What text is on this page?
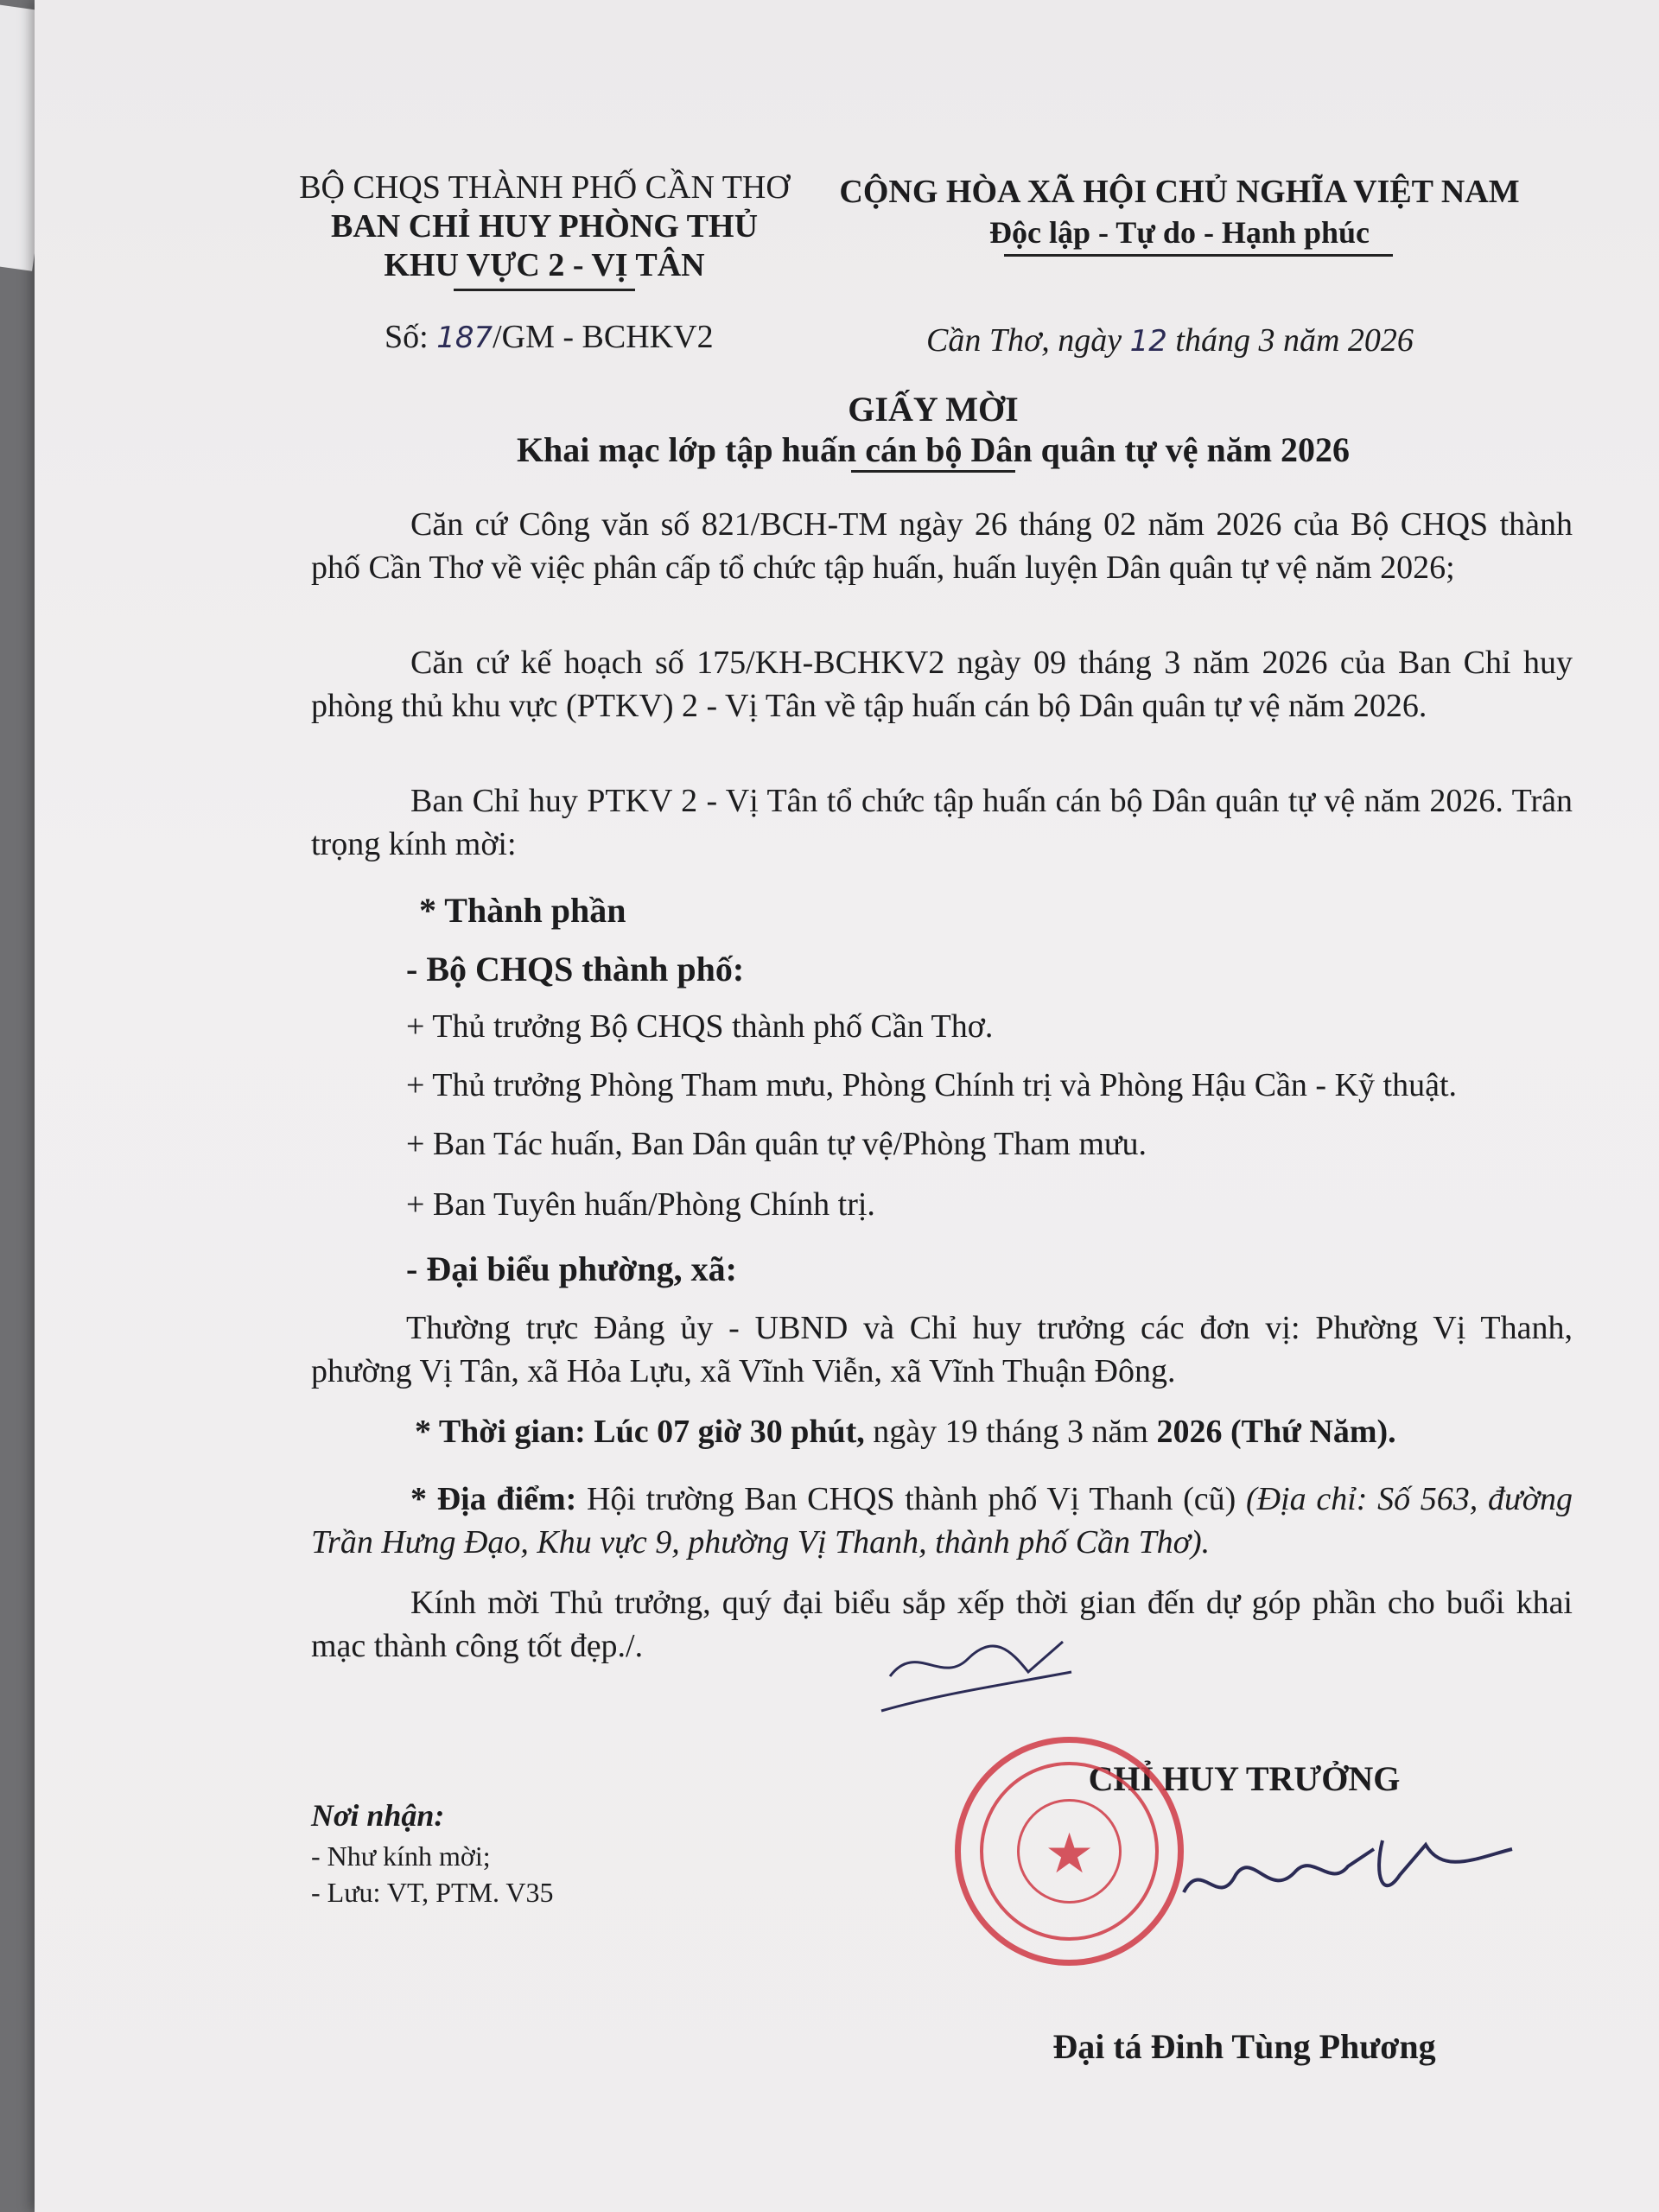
BỘ CHQS THÀNH PHỐ CẦN THƠ
BAN CHỈ HUY PHÒNG THỦ
KHU VỰC 2 - VỊ TÂN
Số: 187/GM - BCHKV2
CỘNG HÒA XÃ HỘI CHỦ NGHĨA VIỆT NAM
Độc lập - Tự do - Hạnh phúc
Cần Thơ, ngày 12 tháng 3 năm 2026
GIẤY MỜI
Khai mạc lớp tập huấn cán bộ Dân quân tự vệ năm 2026
Căn cứ Công văn số 821/BCH-TM ngày 26 tháng 02 năm 2026 của Bộ CHQS thành phố Cần Thơ về việc phân cấp tổ chức tập huấn, huấn luyện Dân quân tự vệ năm 2026;
Căn cứ kế hoạch số 175/KH-BCHKV2 ngày 09 tháng 3 năm 2026 của Ban Chỉ huy phòng thủ khu vực (PTKV) 2 - Vị Tân về tập huấn cán bộ Dân quân tự vệ năm 2026.
Ban Chỉ huy PTKV 2 - Vị Tân tổ chức tập huấn cán bộ Dân quân tự vệ năm 2026. Trân trọng kính mời:
* Thành phần
- Bộ CHQS thành phố:
+ Thủ trưởng Bộ CHQS thành phố Cần Thơ.
+ Thủ trưởng Phòng Tham mưu, Phòng Chính trị và Phòng Hậu Cần - Kỹ thuật.
+ Ban Tác huấn, Ban Dân quân tự vệ/Phòng Tham mưu.
+ Ban Tuyên huấn/Phòng Chính trị.
- Đại biểu phường, xã:
Thường trực Đảng ủy - UBND và Chỉ huy trưởng các đơn vị: Phường Vị Thanh, phường Vị Tân, xã Hỏa Lựu, xã Vĩnh Viễn, xã Vĩnh Thuận Đông.
* Thời gian: Lúc 07 giờ 30 phút, ngày 19 tháng 3 năm 2026 (Thứ Năm).
* Địa điểm: Hội trường Ban CHQS thành phố Vị Thanh (cũ) (Địa chỉ: Số 563, đường Trần Hưng Đạo, Khu vực 9, phường Vị Thanh, thành phố Cần Thơ).
Kính mời Thủ trưởng, quý đại biểu sắp xếp thời gian đến dự góp phần cho buổi khai mạc thành công tốt đẹp./.
Nơi nhận:
- Như kính mời;
- Lưu: VT, PTM. V35
CHỈ HUY TRƯỞNG
★
Đại tá Đinh Tùng Phương
